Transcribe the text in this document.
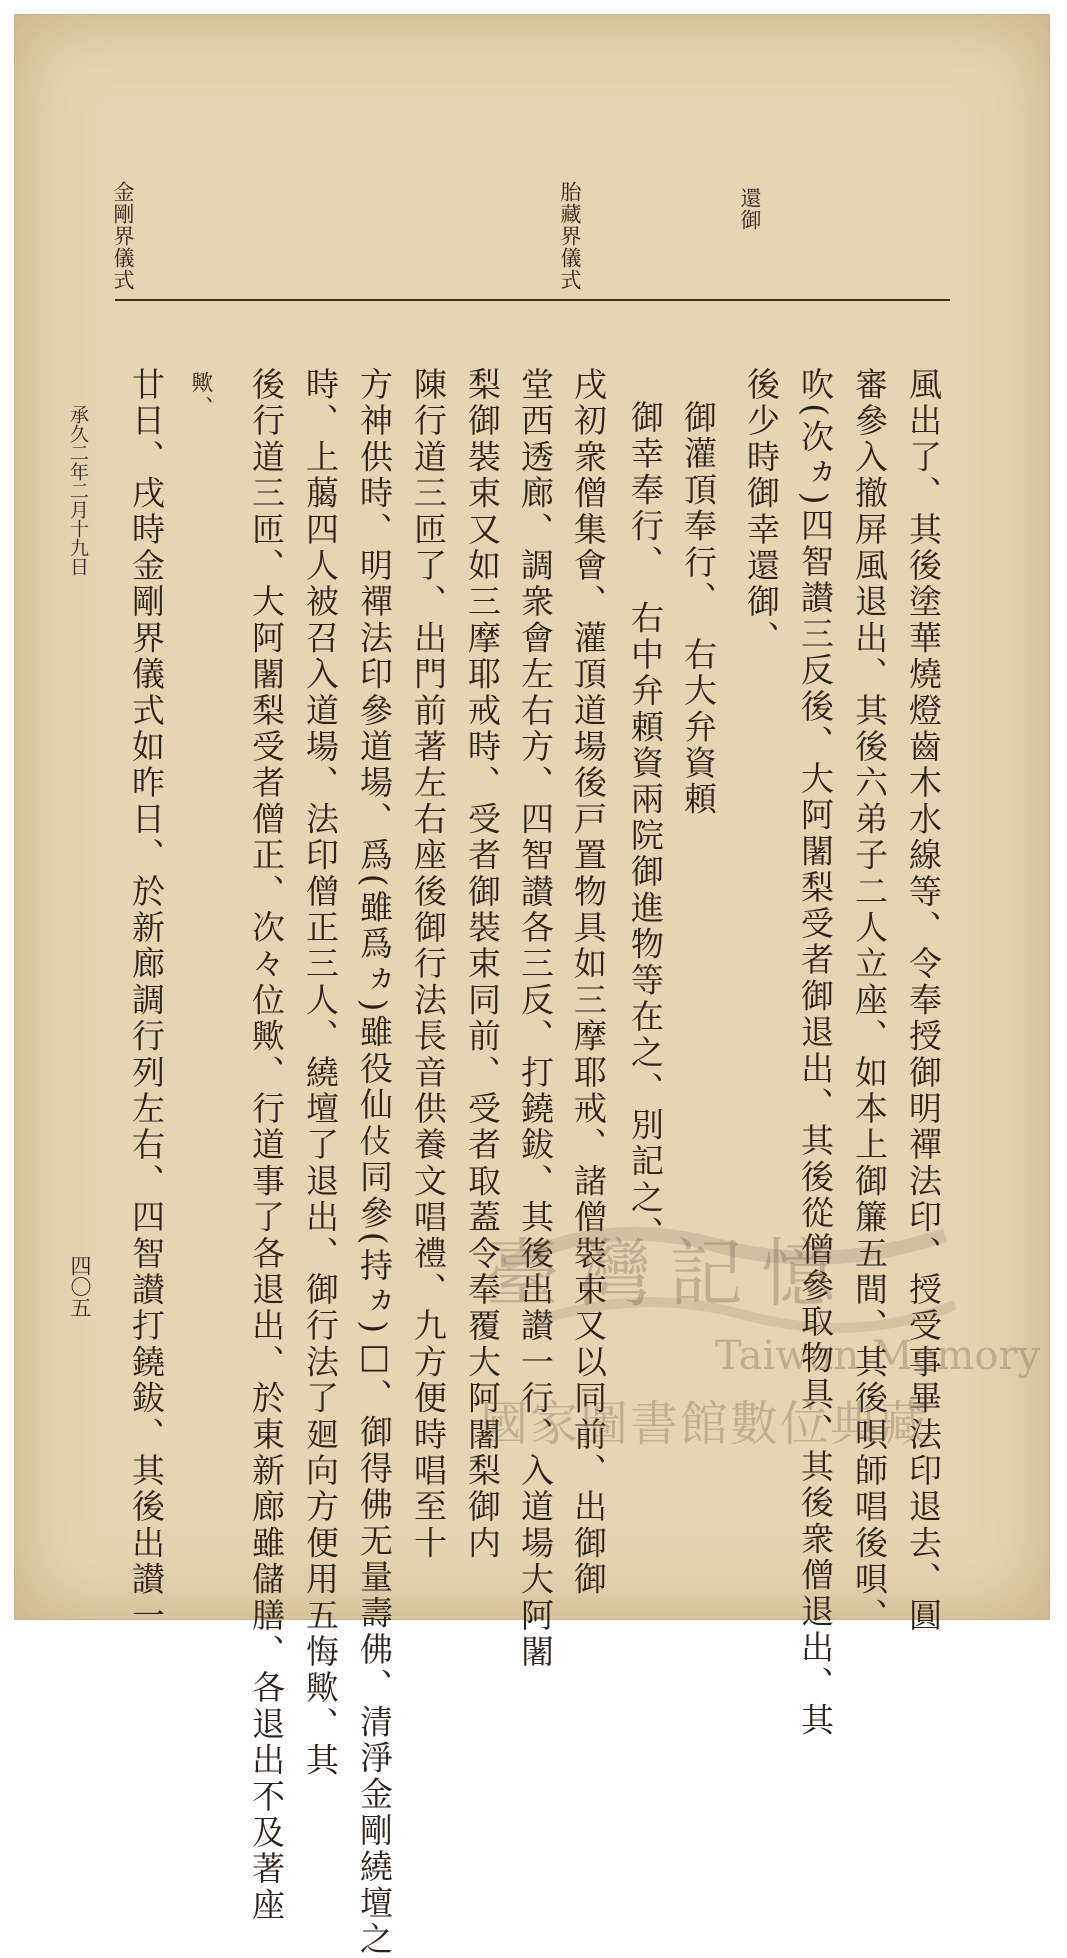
還御
胎藏界儀式
金剛界儀式
風出了、其後塗華燒燈齒木水線等、令奉授御明禪法印、授受事畢法印退去、圓
審參入撤屏風退出、其後六弟子二人立座、如本上御簾五間、其後唄師唱後唄、
吹(次ヵ)四智讃三反後、大阿闍梨受者御退出、其後從僧參取物具、其後衆僧退出、其
後少時御幸還御、
御灌頂奉行、　右大弁資頼
御幸奉行、　右中弁頼資兩院御進物等在之、別記之、
戌初衆僧集會、灌頂道場後戸置物具如三摩耶戒、諸僧裝束又以同前、出御御
堂西透廊、調衆會左右方、四智讃各三反、打鐃鈸、其後出讃一行、入道場大阿闍
梨御裝束又如三摩耶戒時、受者御裝束同前、受者取蓋令奉覆大阿闍梨御内
陳行道三匝了、出門前著左右座後御行法長音供養文唱禮、九方便時唱至十
方神供時、明禪法印參道場、爲(雖爲ヵ)雖役仙𠆸同參(持ヵ)□、御得佛无量壽佛、清淨金剛繞壇之
時、上﨟四人被召入道場、法印僧正三人、繞壇了退出、御行法了廻向方便用五悔歟、其
後行道三匝、大阿闍梨受者僧正、次々位歟、行道事了各退出、於東新廊雖儲膳、各退出不及著座
歟、
廿日、戌時金剛界儀式如昨日、於新廊調行列左右、四智讃打鐃鈸、其後出讃一
承久二年二月十九日
四〇五	臺灣記憶
Taiwan Memory
國家圖書館數位典藏
